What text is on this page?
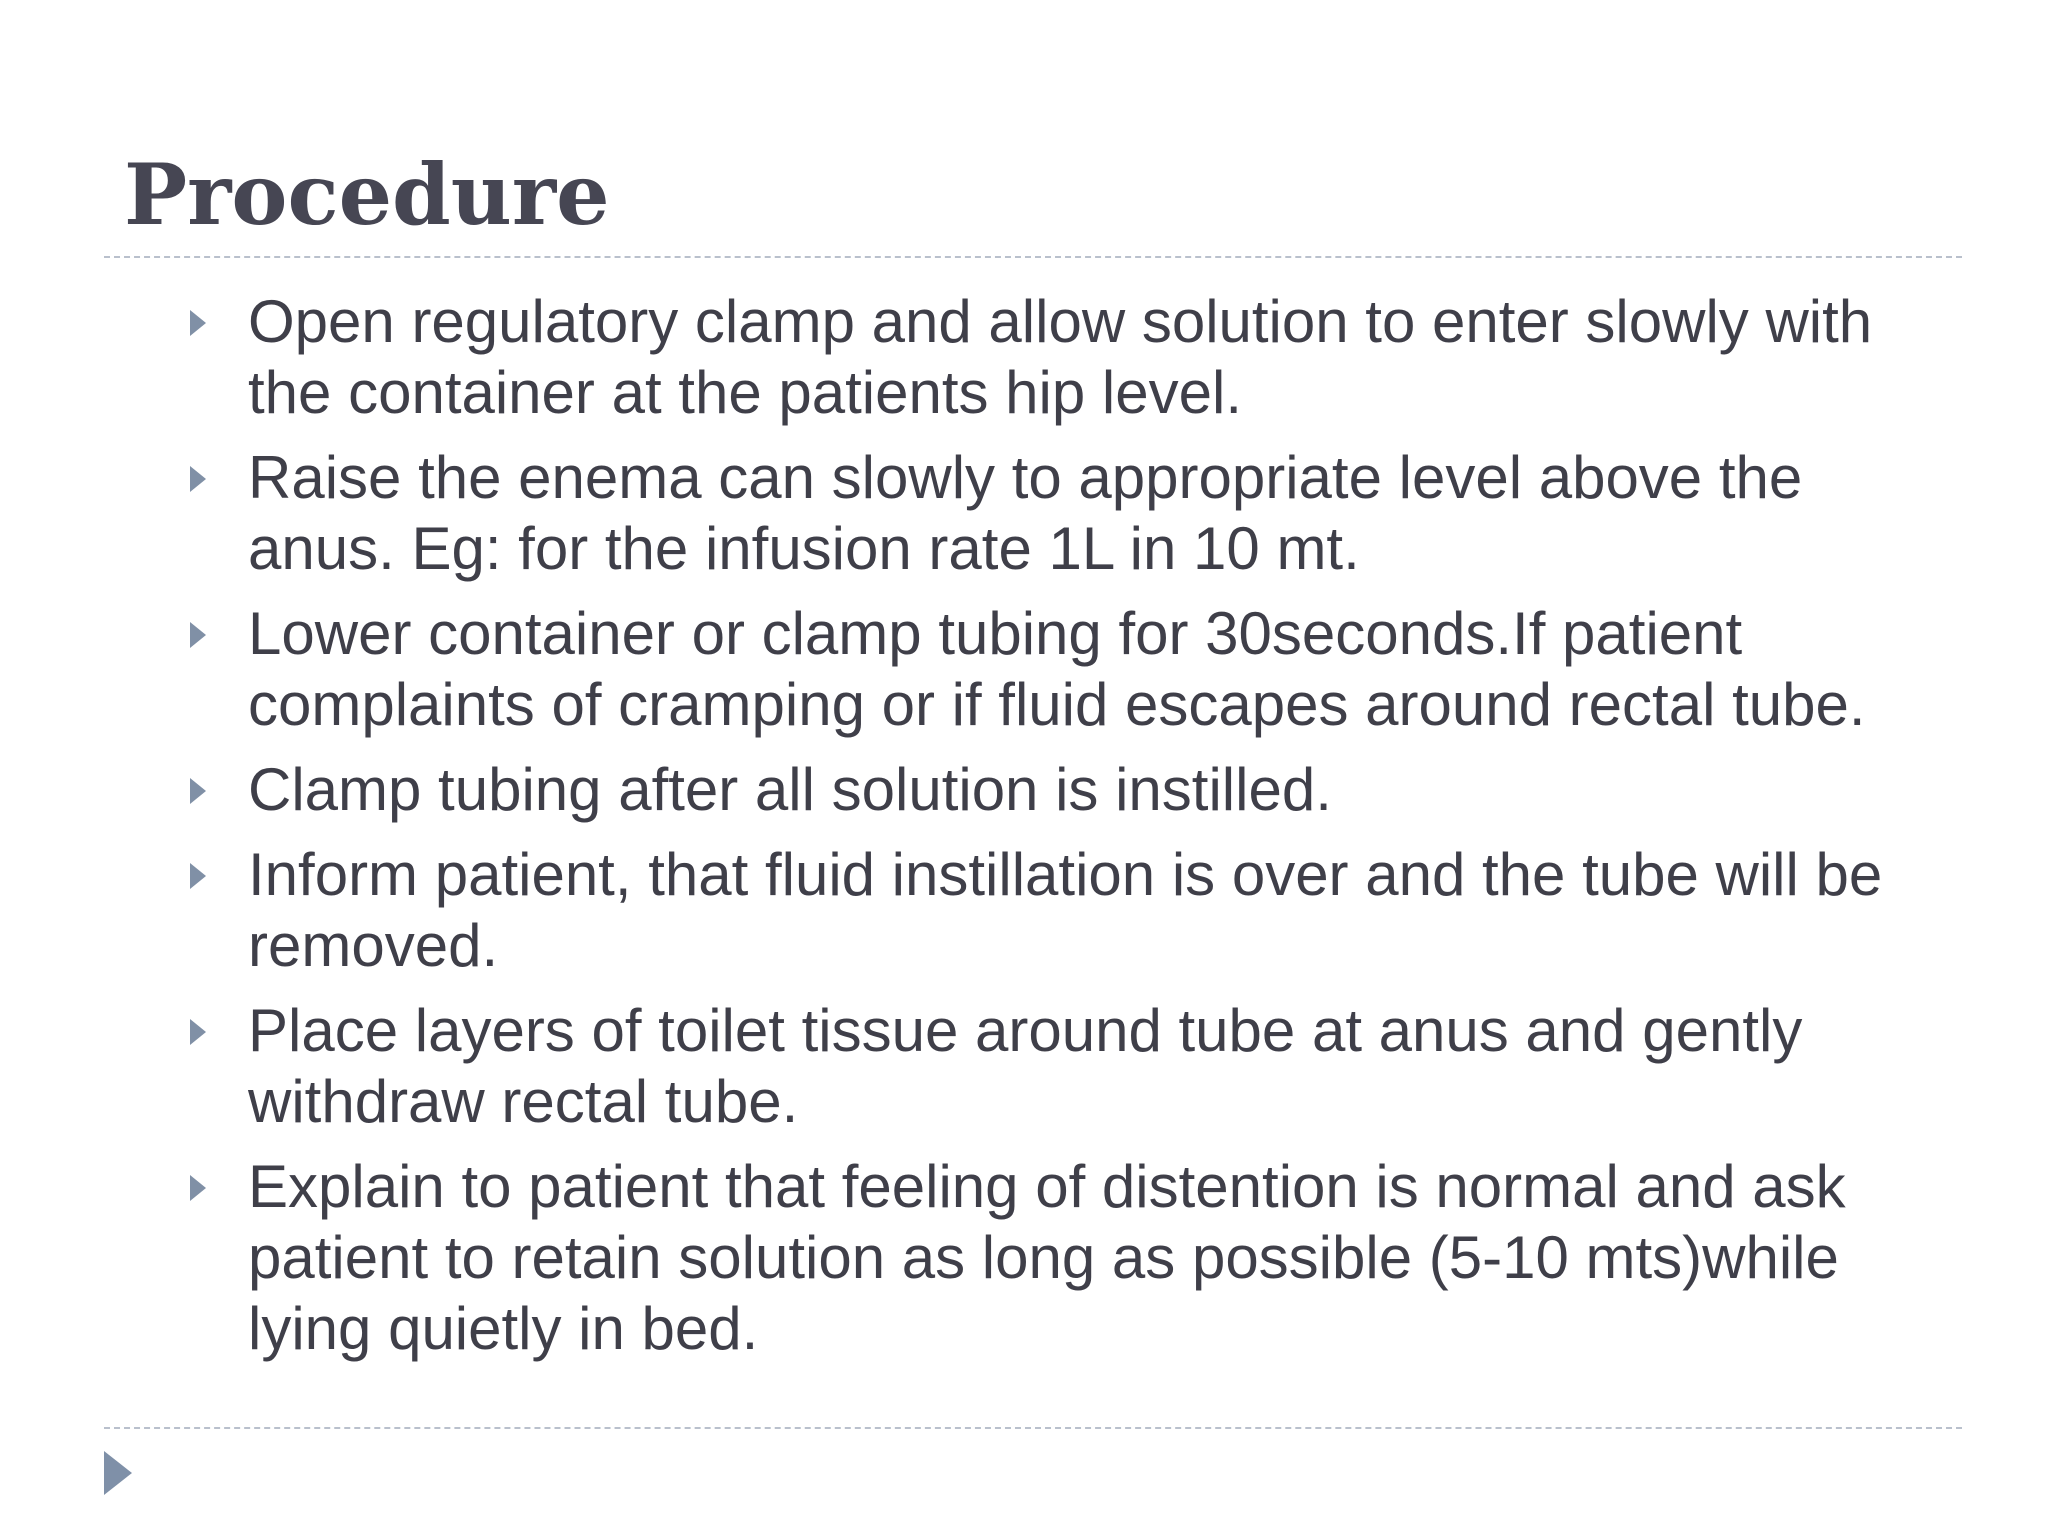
Procedure
Open regulatory clamp and allow solution to enter slowly with the container at the patients hip level.
Raise the enema can slowly to appropriate level above the anus. Eg: for the infusion rate 1L in 10 mt.
Lower container or clamp tubing for 30seconds.If patient complaints of cramping or if fluid escapes around rectal tube.
Clamp tubing after all solution is instilled.
Inform patient, that fluid instillation is over and the tube will be removed.
Place layers of toilet tissue around tube at anus and gently withdraw rectal tube.
Explain to patient that feeling of distention is normal and ask patient to retain solution as long as possible (5-10 mts)while lying quietly in bed.
